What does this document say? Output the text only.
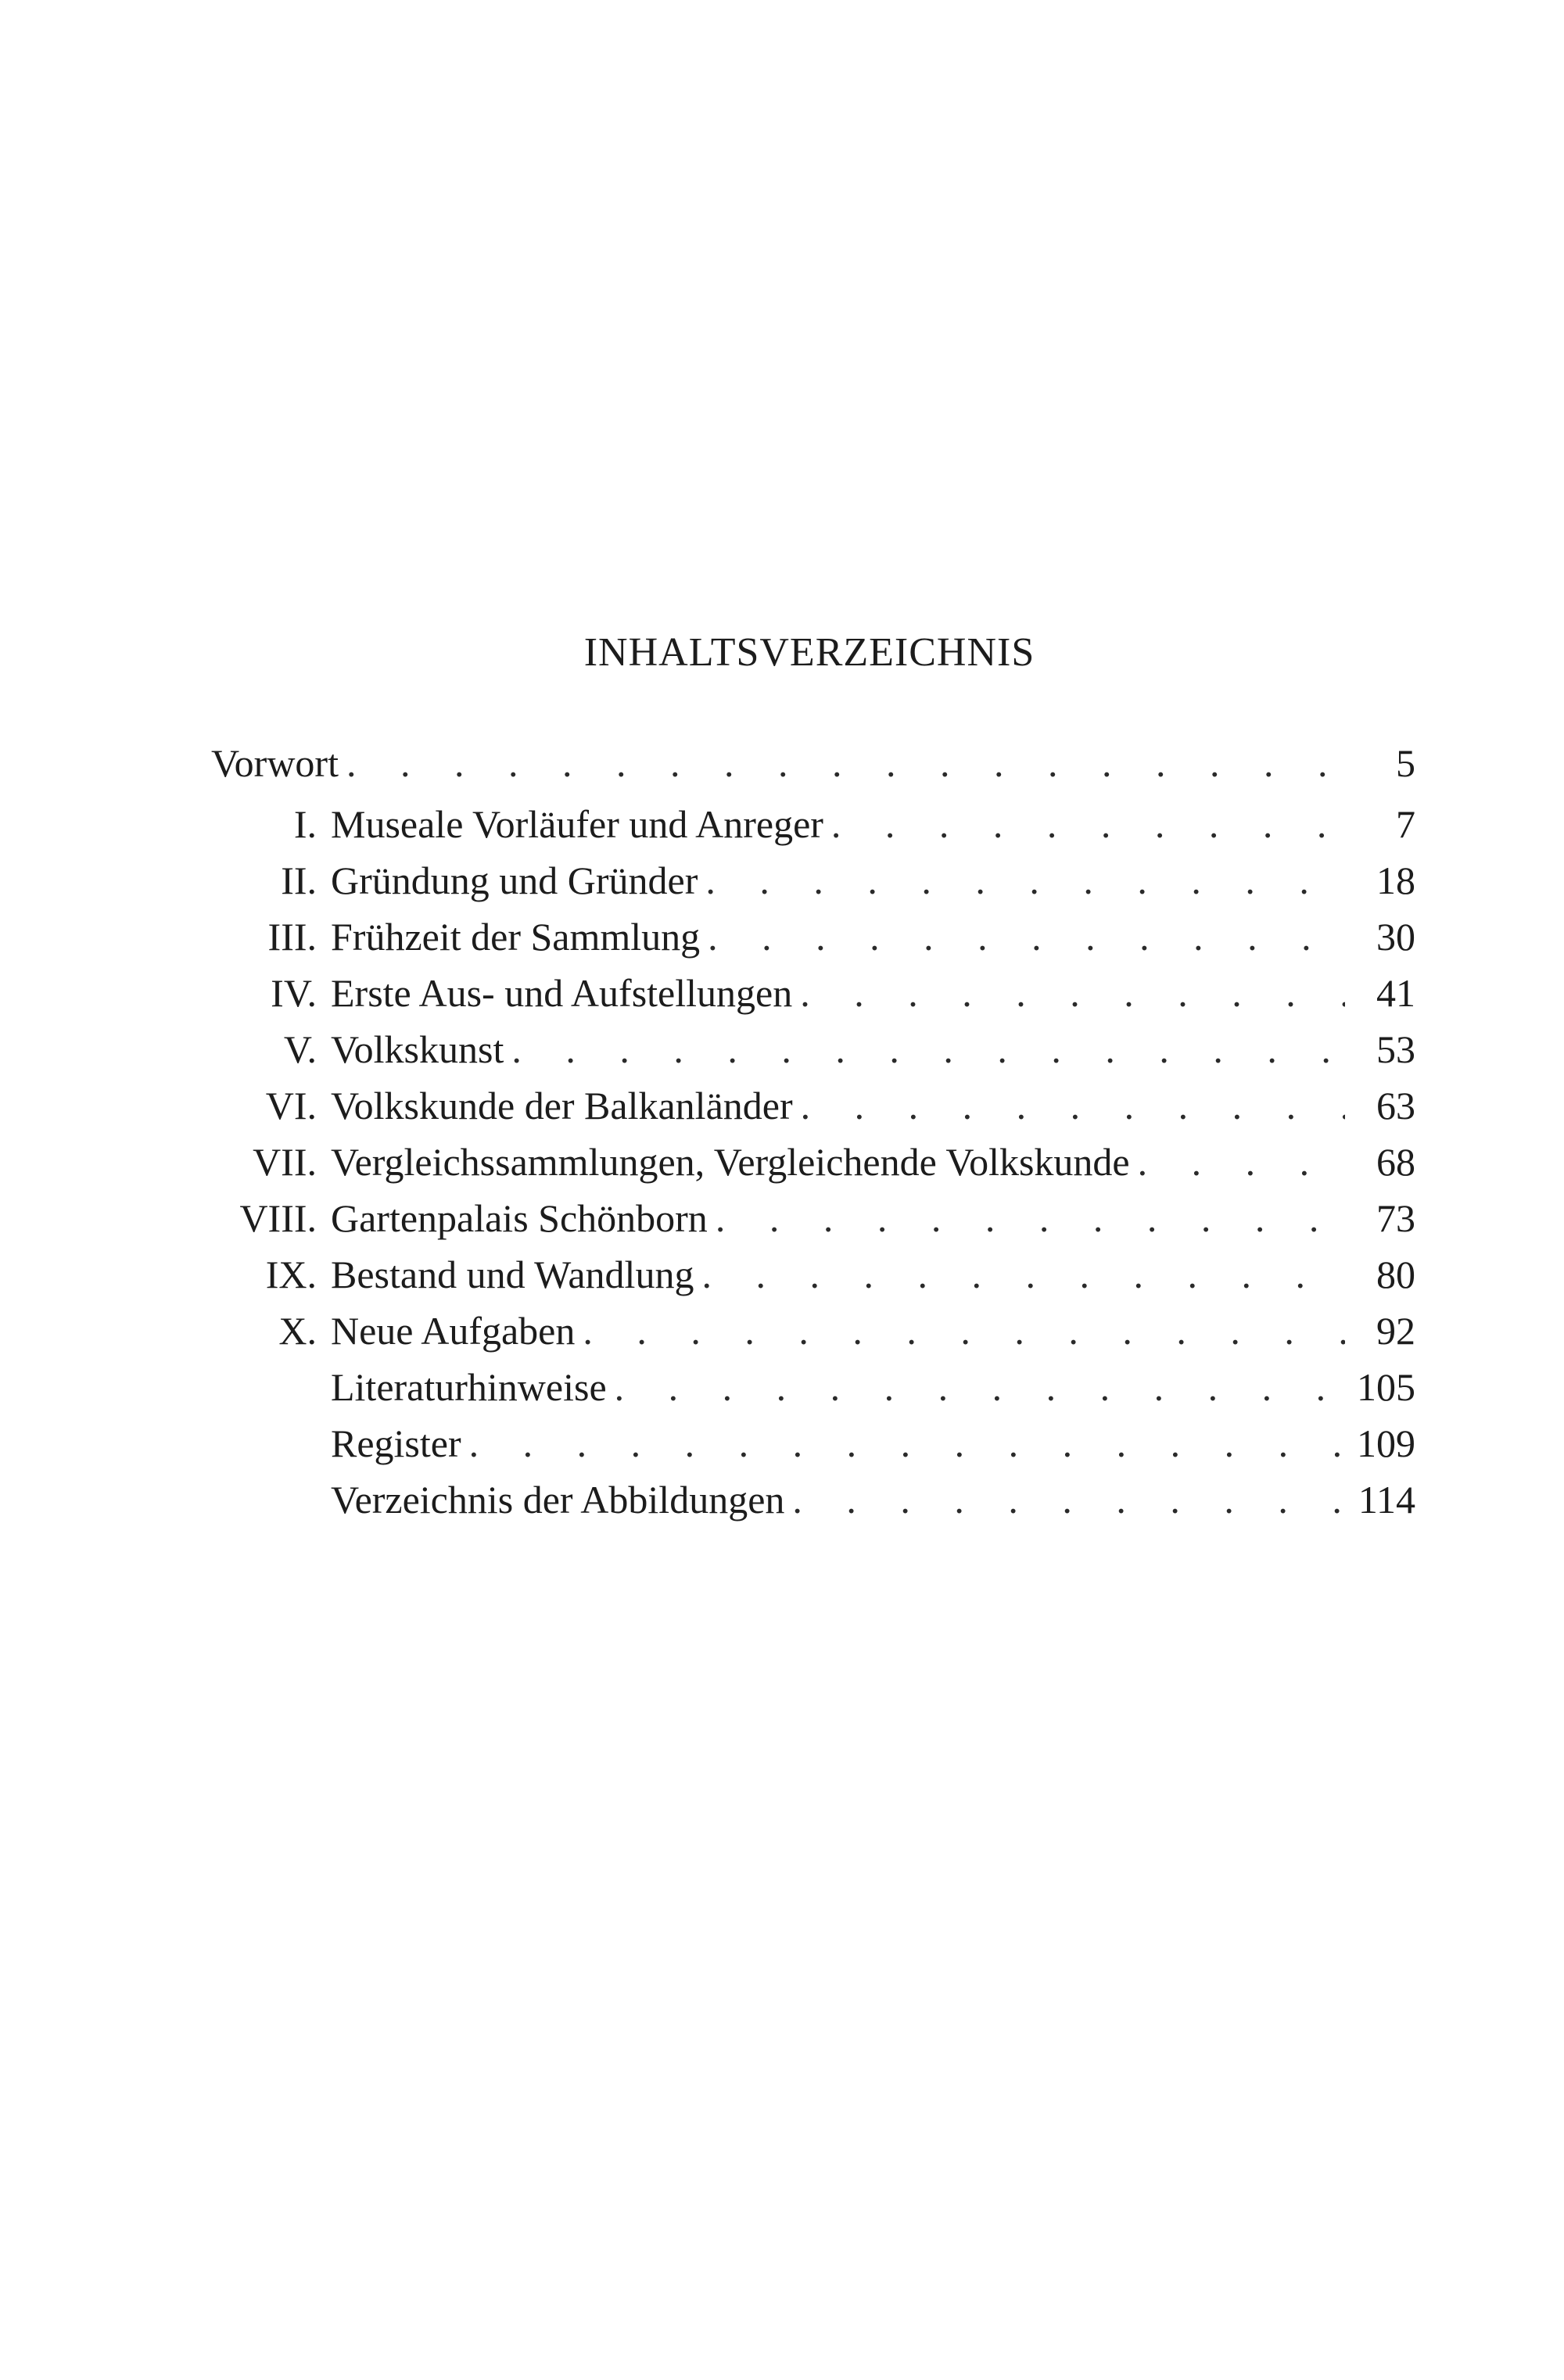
INHALTSVERZEICHNIS
Vorwort . . .	5
I. Museale Vorläufer und Anreger . . .	7
II. Gründung und Gründer . . .	18
III. Frühzeit der Sammlung . . .	30
IV. Erste Aus- und Aufstellungen . . .	41
V. Volkskunst . . .	53
VI. Volkskunde der Balkanländer . . .	63
VII. Vergleichssammlungen, Vergleichende Volkskunde . . .	68
VIII. Gartenpalais Schönborn . . .	73
IX. Bestand und Wandlung . . .	80
X. Neue Aufgaben . . .	92
Literaturhinweise . . .	105
Register . . .	109
Verzeichnis der Abbildungen . . .	114
